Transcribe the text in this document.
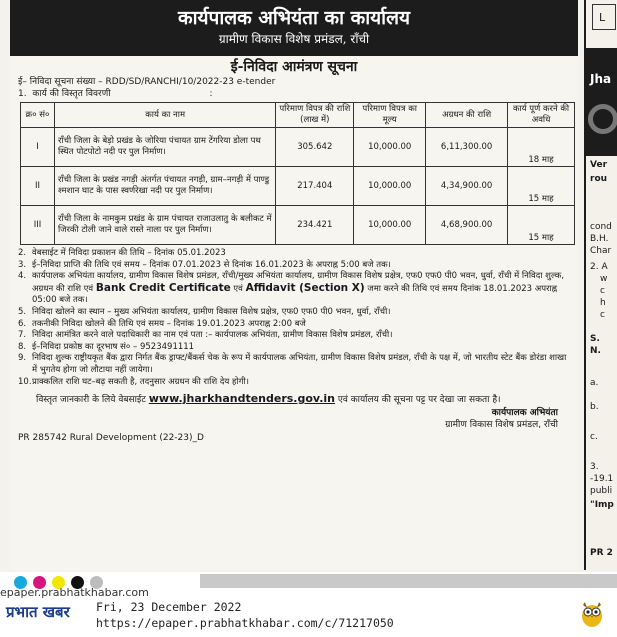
कार्यपालक अभियंता का कार्यालय
ग्रामीण विकास विशेष प्रमंडल, राँची
ई-निविदा आमंत्रण सूचना
ई– निविदा सूचना संख्या – RDD/SD/RANCHI/10/2022-23 e-tender
1. कार्य की विस्तृत विवरणी	:
क्र० सं०	कार्य का नाम	परिमाण विपत्र की राशि (लाख में)	परिमाण विपत्र का मूल्य	अग्रधन की राशि	कार्य पूर्ण करने की अवधि
I	राँची जिला के बेड़ो प्रखंड के जोरिया पंचायत ग्राम टेंगरिया डोला पथ स्थित पोटपोटो नदी पर पुल निर्माण।	305.642	10,000.00	6,11,300.00	18 माह
II	राँची जिला के प्रखंड नगड़ी अंतर्गत पंचायत नगड़ी, ग्राम–नगड़ी में पाण्डु श्मशान घाट के पास स्वर्णरेखा नदी पर पुल निर्माण।	217.404	10,000.00	4,34,900.00	15 माह
III	राँची जिला के नामकुम प्रखंड के ग्राम पंचायत राजाउलातु के बलीकट में जिरकी टोली जाने वाले रास्ते नाला पर पुल निर्माण।	234.421	10,000.00	4,68,900.00	15 माह
2. वेबसाईट में निविदा प्रकाशन की तिथि – दिनांक 05.01.2023
3. ई–निविदा प्राप्ति की तिथि एवं समय – दिनांक 07.01.2023 से दिनांक 16.01.2023 के अपराह्न 5:00 बजे तक।
4. कार्यपालक अभियंता कार्यालय, ग्रामीण विकास विशेष प्रमंडल, राँची/मुख्य अभियंता कार्यालय, ग्रामीण विकास विशेष प्रक्षेत्र, एफ0 एफ0 पी0 भवन, धुर्वा, राँची में निविदा शुल्क, अग्रधन की राशि एवं Bank Credit Certificate एवं Affidavit (Section X) जमा करने की तिथि एवं समय दिनांक 18.01.2023 अपराह्न 05:00 बजे तक।
5. निविदा खोलने का स्थान – मुख्य अभियंता कार्यालय, ग्रामीण विकास विशेष प्रक्षेत्र, एफ0 एफ0 पी0 भवन, धुर्वा, राँची।
6. तकनीकी निविदा खोलने की तिथि एवं समय – दिनांक 19.01.2023 अपराह्न 2:00 बजे
7. निविदा आमंत्रित करने वाले पदाधिकारी का नाम एवं पता :– कार्यपालक अभियंता, ग्रामीण विकास विशेष प्रमंडल, राँची।
8. ई–निविदा प्रकोष्ठ का दूरभाष सं० – 9523491111
9. निविदा शुल्क राष्ट्रीयकृत बैंक द्वारा निर्गत बैंक ड्राफ्ट/बैंकर्स चेक के रूप में कार्यपालक अभियंता, ग्रामीण विकास विशेष प्रमंडल, राँची के पक्ष में, जो भारतीय स्टेट बैंक डोरंडा शाखा में भुगतेय होगा जो लौटाया नहीं जायेगा।
10. प्राक्कलित राशि घट–बढ़ सकती है, तदनुसार अग्रधन की राशि देय होगी।
विस्तृत जानकारी के लिये वेबसाईट www.jharkhandtenders.gov.in एवं कार्यालय की सूचना पट्ट पर देखा जा सकता है।
कार्यपालक अभियंता
ग्रामीण विकास विशेष प्रमंडल, राँची
PR 285742 Rural Development (22-23)_D
L
Jha
Ver
rou
cond
B.H.
Char
2. A
w
c
h
c
S.
N.
a.
b.
c.
3.
-19.1
publi
"Imp
PR 2
epaper.prabhatkhabar.com
प्रभात खबर	Fri, 23 December 2022
https://epaper.prabhatkhabar.com/c/71217050
